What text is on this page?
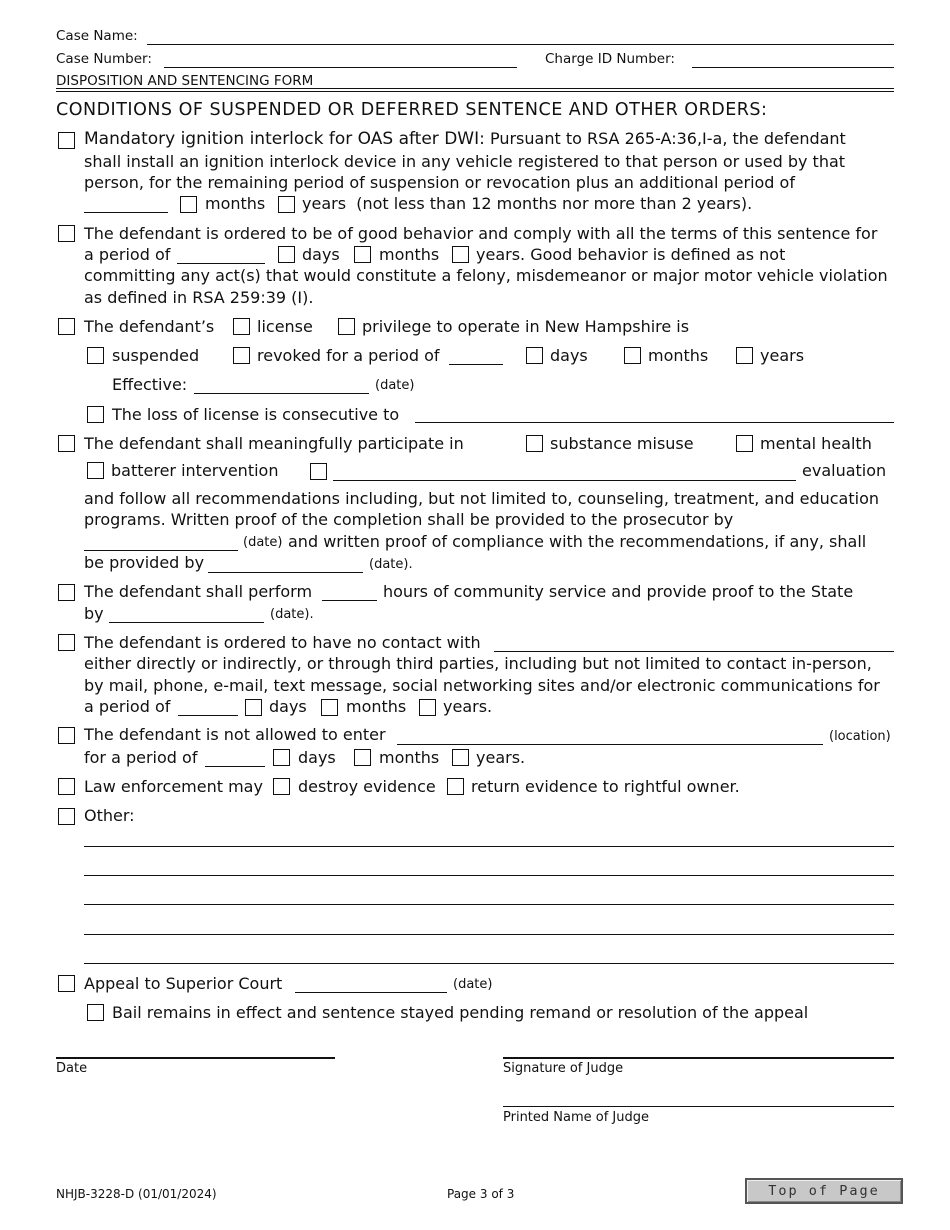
Case Name:
Case Number:	Charge ID Number:
DISPOSITION AND SENTENCING FORM
CONDITIONS OF SUSPENDED OR DEFERRED SENTENCE AND OTHER ORDERS:
Mandatory ignition interlock for OAS after DWI: Pursuant to RSA 265-A:36,I-a, the defendant
shall install an ignition interlock device in any vehicle registered to that person or used by that
person, for the remaining period of suspension or revocation plus an additional period of
months years (not less than 12 months nor more than 2 years).
The defendant is ordered to be of good behavior and comply with all the terms of this sentence for
a period of	days months years. Good behavior is defined as not
committing any act(s) that would constitute a felony, misdemeanor or major motor vehicle violation
as defined in RSA 259:39 (I).
The defendant’s	license	privilege to operate in New Hampshire is
suspended	revoked for a period of	days	months	years
Effective:	(date)
The loss of license is consecutive to
The defendant shall meaningfully participate in	substance misuse	mental health
batterer intervention	evaluation
and follow all recommendations including, but not limited to, counseling, treatment, and education
programs. Written proof of the completion shall be provided to the prosecutor by
(date) and written proof of compliance with the recommendations, if any, shall
be provided by	(date).
The defendant shall perform	hours of community service and provide proof to the State
by	(date).
The defendant is ordered to have no contact with
either directly or indirectly, or through third parties, including but not limited to contact in-person,
by mail, phone, e-mail, text message, social networking sites and/or electronic communications for
a period of	days months years.
The defendant is not allowed to enter	(location)
for a period of	days	months years.
Law enforcement may destroy evidence return evidence to rightful owner.
Other:
Appeal to Superior Court	(date)
Bail remains in effect and sentence stayed pending remand or resolution of the appeal
Date	Signature of Judge
Printed Name of Judge
NHJB-3228-D (01/01/2024)	Page 3 of 3	Top of Page
